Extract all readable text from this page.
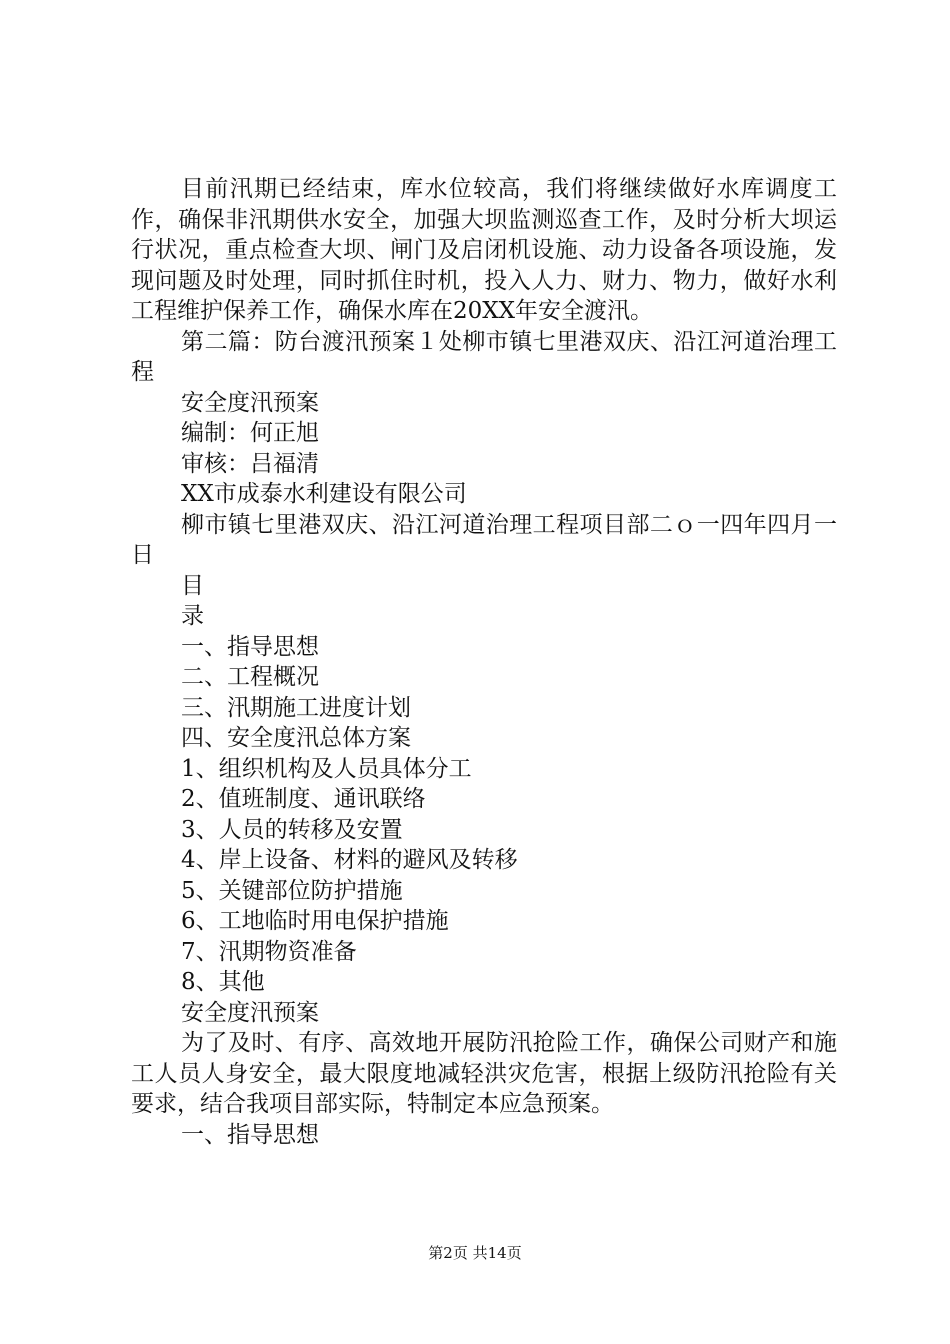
目前汛期已经结束，库水位较高，我们将继续做好水库调度工作，确保非汛期供水安全，加强大坝监测巡查工作，及时分析大坝运行状况，重点检查大坝、闸门及启闭机设施、动力设备各项设施，发现问题及时处理，同时抓住时机，投入人力、财力、物力，做好水利工程维护保养工作，确保水库在20XX年安全渡汛。

第二篇：防台渡汛预案１处柳市镇七里港双庆、沿江河道治理工程

安全度汛预案

编制：何正旭

审核：吕福清

XX市成泰水利建设有限公司

柳市镇七里港双庆、沿江河道治理工程项目部二ｏ一四年四月一日

目

录

一、指导思想

二、工程概况

三、汛期施工进度计划

四、安全度汛总体方案

1、组织机构及人员具体分工

2、值班制度、通讯联络

3、人员的转移及安置

4、岸上设备、材料的避风及转移

5、关键部位防护措施

6、工地临时用电保护措施

7、汛期物资准备

8、其他

安全度汛预案

为了及时、有序、高效地开展防汛抢险工作，确保公司财产和施工人员人身安全，最大限度地减轻洪灾危害，根据上级防汛抢险有关要求，结合我项目部实际，特制定本应急预案。

一、指导思想

第2页 共14页
